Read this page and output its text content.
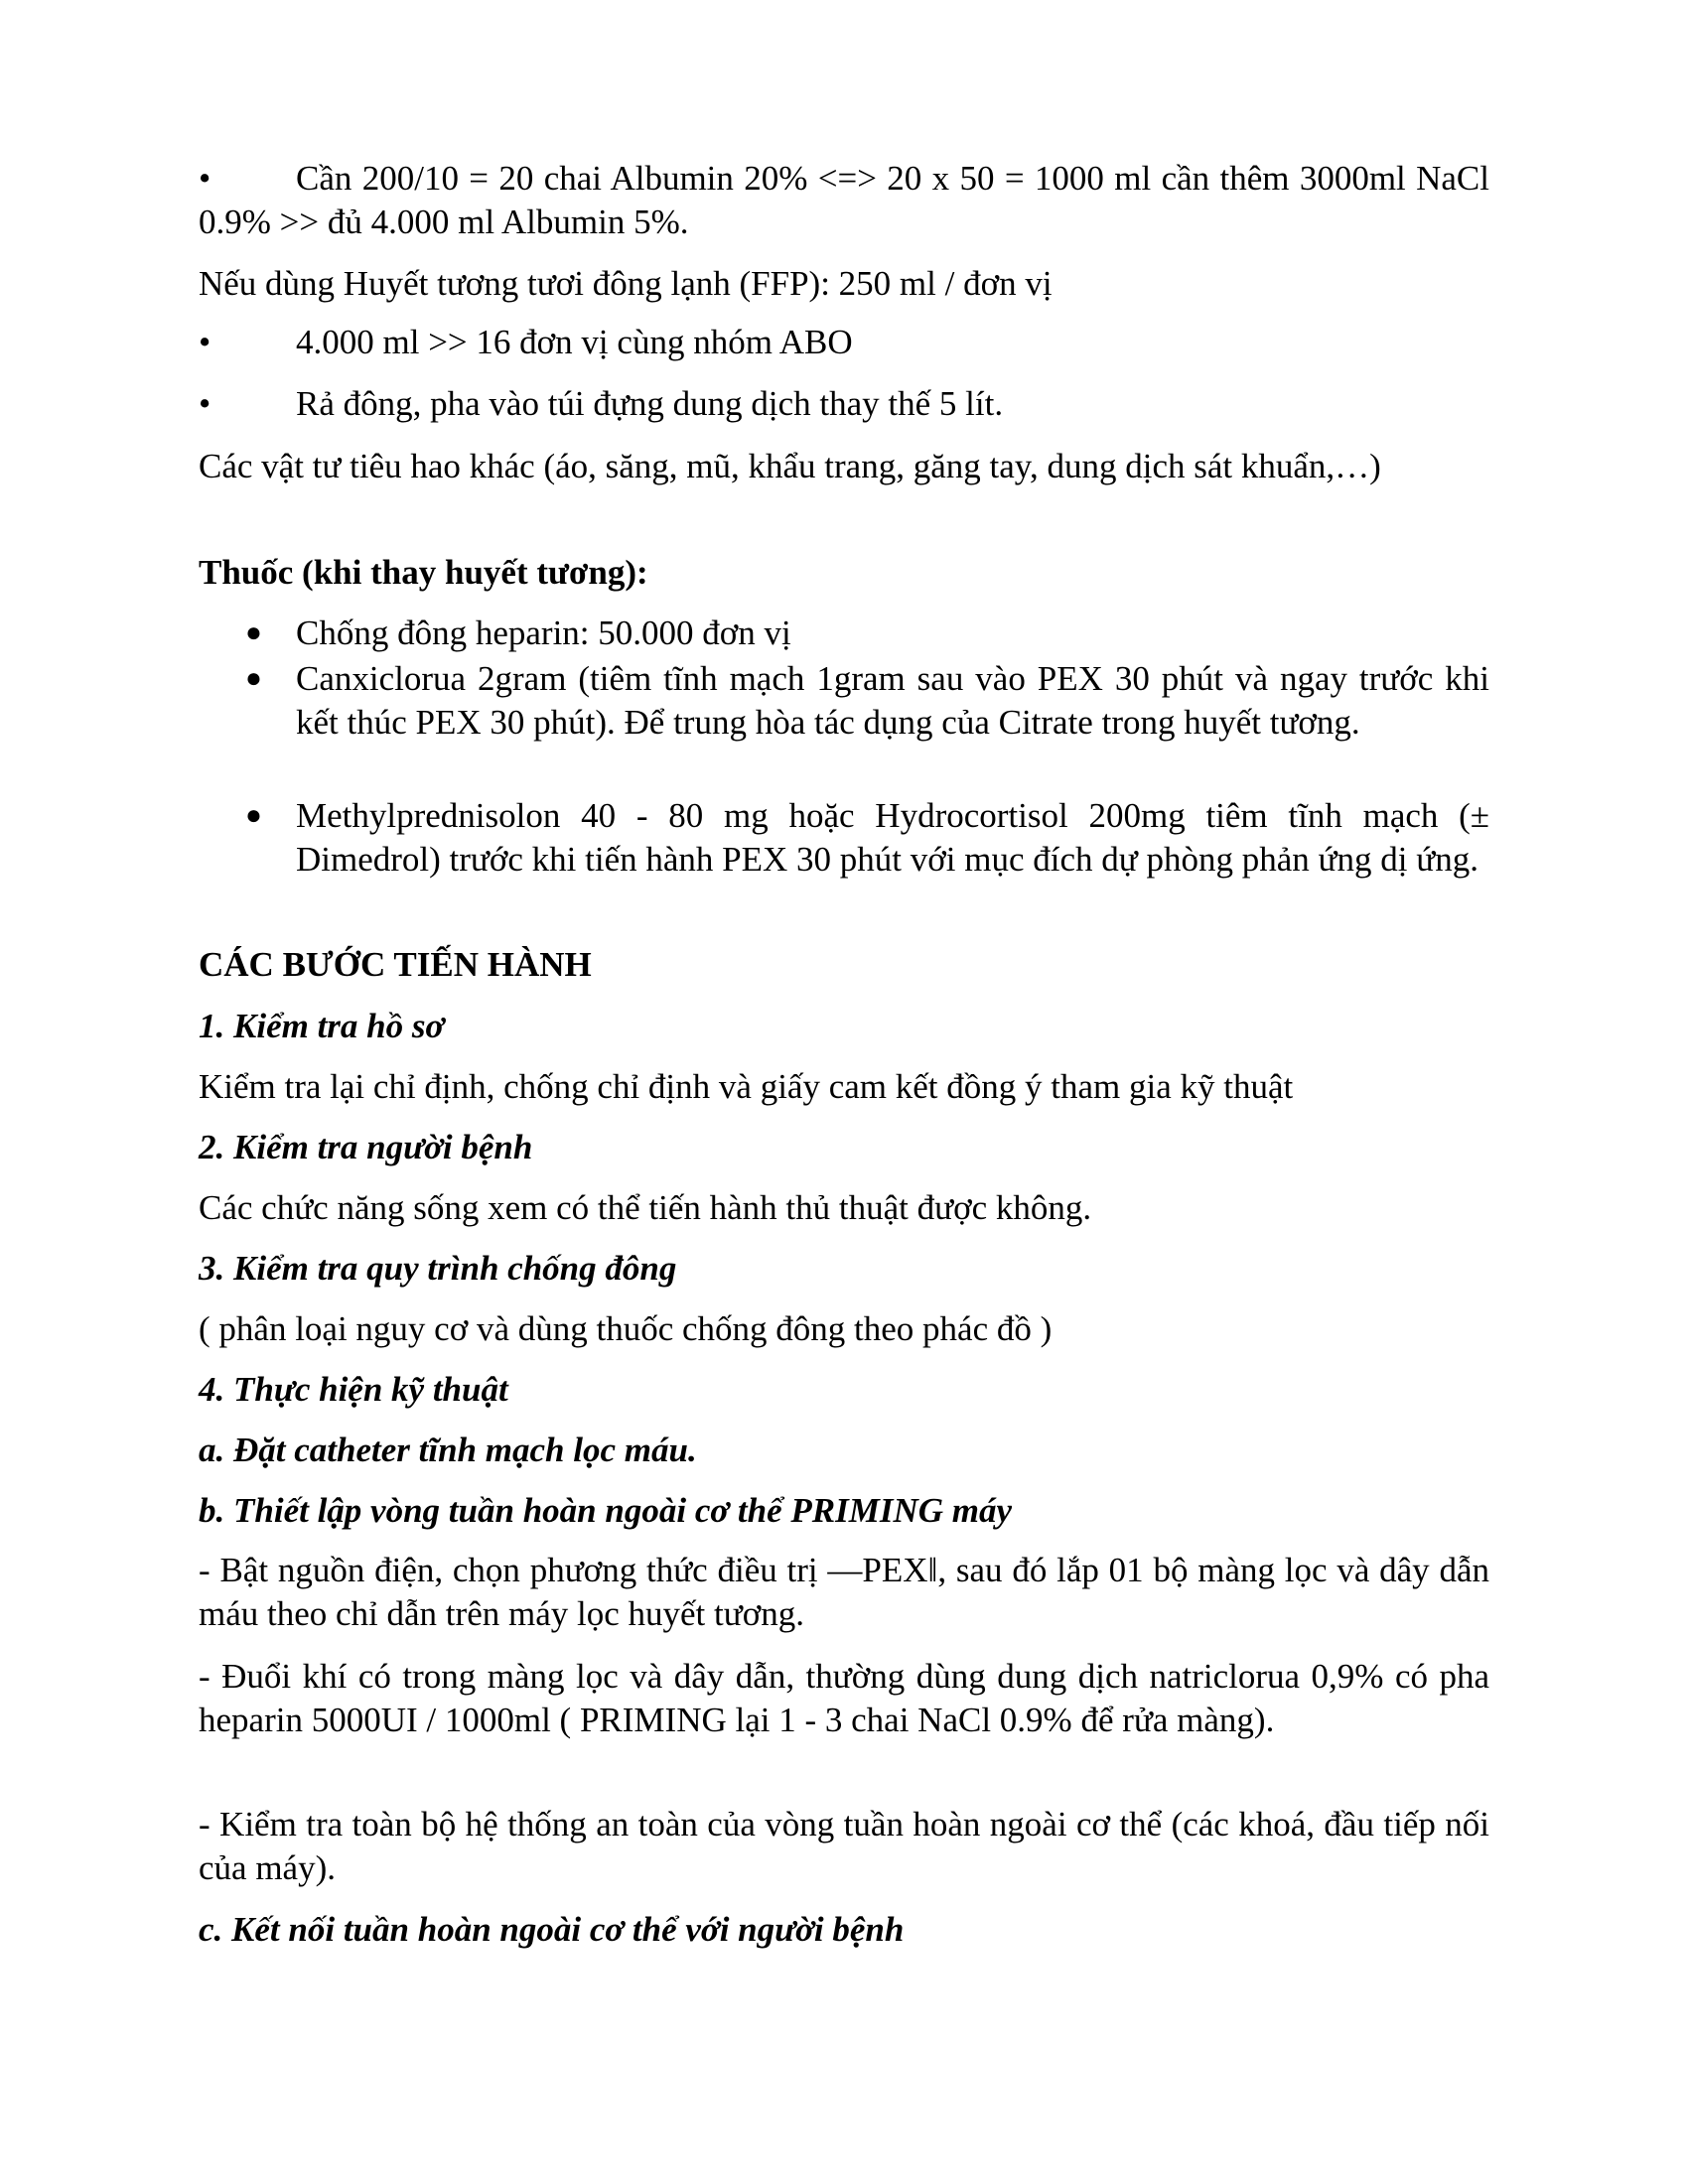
•	Cần 200/10 = 20 chai Albumin 20% <=> 20 x 50 = 1000 ml cần thêm 3000ml NaCl 0.9% >> đủ 4.000 ml Albumin 5%.

Nếu dùng Huyết tương tươi đông lạnh (FFP): 250 ml / đơn vị

• 4.000 ml >> 16 đơn vị cùng nhóm ABO
• Rả đông, pha vào túi đựng dung dịch thay thế 5 lít.

Các vật tư tiêu hao khác (áo, săng, mũ, khẩu trang, găng tay, dung dịch sát khuẩn,…)

Thuốc (khi thay huyết tương):

● Chống đông heparin: 50.000 đơn vị
● Canxiclorua 2gram (tiêm tĩnh mạch 1gram sau vào PEX 30 phút và ngay trước khi kết thúc PEX 30 phút). Để trung hòa tác dụng của Citrate trong huyết tương.
● Methylprednisolon 40 - 80 mg hoặc Hydrocortisol 200mg tiêm tĩnh mạch (± Dimedrol) trước khi tiến hành PEX 30 phút với mục đích dự phòng phản ứng dị ứng.

CÁC BƯỚC TIẾN HÀNH

1. Kiểm tra hồ sơ

Kiểm tra lại chỉ định, chống chỉ định và giấy cam kết đồng ý tham gia kỹ thuật

2. Kiểm tra người bệnh

Các chức năng sống xem có thể tiến hành thủ thuật được không.

3. Kiểm tra quy trình chống đông

( phân loại nguy cơ và dùng thuốc chống đông theo phác đồ )

4. Thực hiện kỹ thuật

a. Đặt catheter tĩnh mạch lọc máu.

b. Thiết lập vòng tuần hoàn ngoài cơ thể PRIMING máy

- Bật nguồn điện, chọn phương thức điều trị ―PEX‖, sau đó lắp 01 bộ màng lọc và dây dẫn máu theo chỉ dẫn trên máy lọc huyết tương.

- Đuổi khí có trong màng lọc và dây dẫn, thường dùng dung dịch natriclorua 0,9% có pha heparin 5000UI / 1000ml ( PRIMING lại 1 - 3 chai NaCl 0.9% để rửa màng).

- Kiểm tra toàn bộ hệ thống an toàn của vòng tuần hoàn ngoài cơ thể (các khoá, đầu tiếp nối của máy).

c. Kết nối tuần hoàn ngoài cơ thể với người bệnh
